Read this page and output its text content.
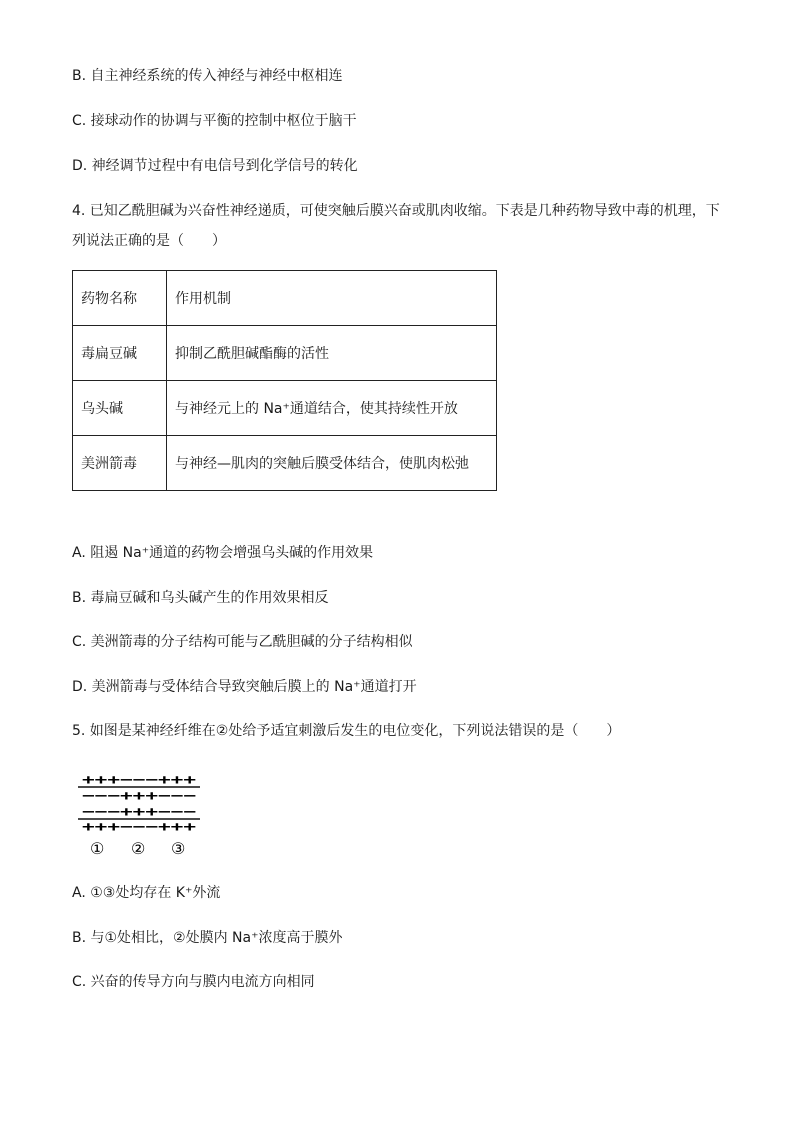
B. 自主神经系统的传入神经与神经中枢相连
C. 接球动作的协调与平衡的控制中枢位于脑干
D. 神经调节过程中有电信号到化学信号的转化
4. 已知乙酰胆碱为兴奋性神经递质，可使突触后膜兴奋或肌肉收缩。下表是几种药物导致中毒的机理，下列说法正确的是（　　）
药物名称	作用机制
毒扁豆碱	抑制乙酰胆碱酯酶的活性
乌头碱	与神经元上的 Na⁺通道结合，使其持续性开放
美洲箭毒	与神经—肌肉的突触后膜受体结合，使肌肉松弛
A. 阻遏 Na⁺通道的药物会增强乌头碱的作用效果
B. 毒扁豆碱和乌头碱产生的作用效果相反
C. 美洲箭毒的分子结构可能与乙酰胆碱的分子结构相似
D. 美洲箭毒与受体结合导致突触后膜上的 Na⁺通道打开
5. 如图是某神经纤维在②处给予适宜刺激后发生的电位变化，下列说法错误的是（　　）
+++−−−+++
−−−+++−−−
−−−+++−−−
+++−−−+++
① ② ③
A. ①③处均存在 K⁺外流
B. 与①处相比，②处膜内 Na⁺浓度高于膜外
C. 兴奋的传导方向与膜内电流方向相同
